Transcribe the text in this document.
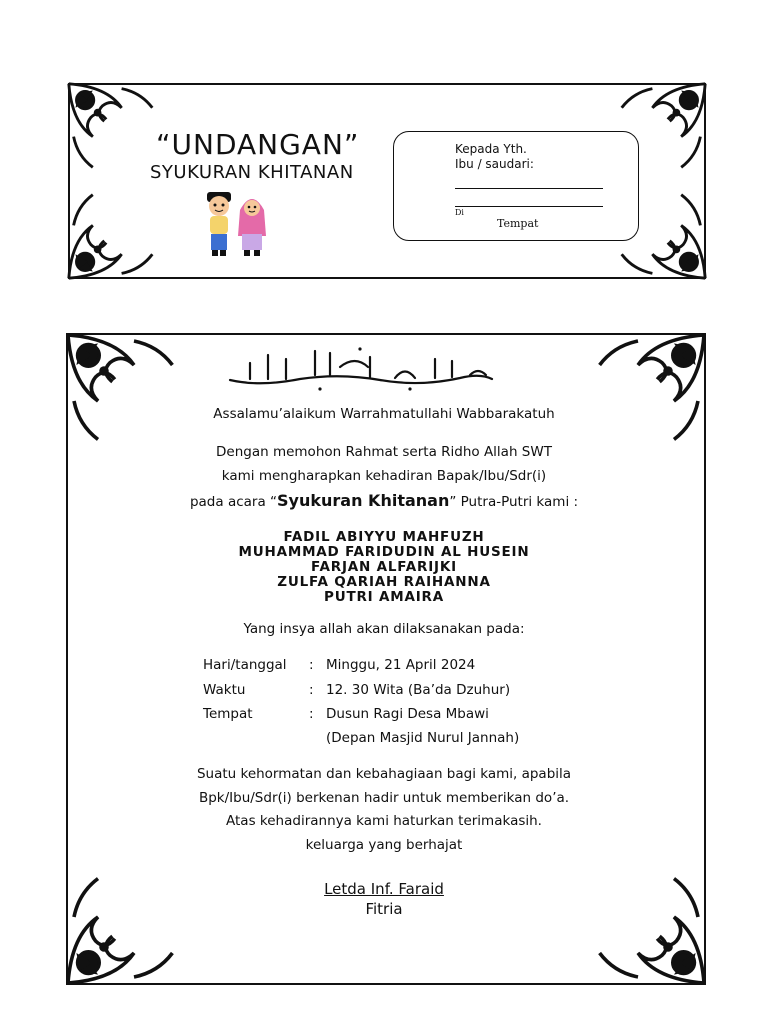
“UNDANGAN”
SYUKURAN KHITANAN
Kepada Yth.
Ibu / saudari:
Di
Tempat
Assalamu’alaikum Warrahmatullahi Wabbarakatuh
Dengan memohon Rahmat serta Ridho Allah SWT
kami mengharapkan kehadiran Bapak/Ibu/Sdr(i)
pada acara “Syukuran Khitanan” Putra-Putri kami :
FADIL ABIYYU MAHFUZH
MUHAMMAD FARIDUDIN AL HUSEIN
FARJAN ALFARIJKI
ZULFA QARIAH RAIHANNA
PUTRI AMAIRA
Yang insya allah akan dilaksanakan pada:
Hari/tanggal : Minggu, 21 April 2024
Waktu	: 12. 30 Wita (Ba’da Dzuhur)
Tempat	: Dusun Ragi Desa Mbawi
(Depan Masjid Nurul Jannah)
Suatu kehormatan dan kebahagiaan bagi kami, apabila
Bpk/Ibu/Sdr(i) berkenan hadir untuk memberikan do’a.
Atas kehadirannya kami haturkan terimakasih.
keluarga yang berhajat
Letda Inf. Faraid
Fitria
